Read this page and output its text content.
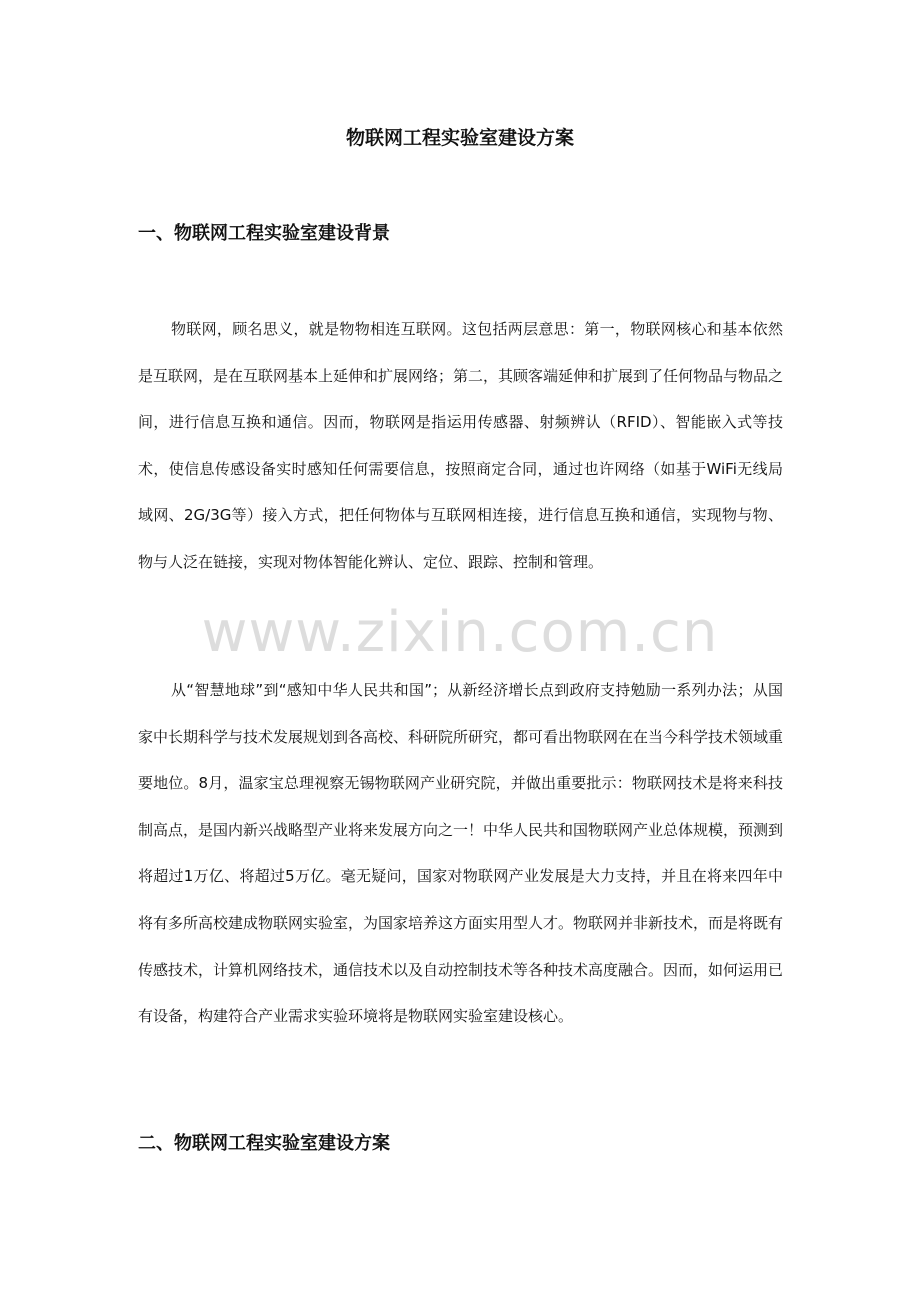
物联网工程实验室建设方案
一、物联网工程实验室建设背景

物联网，顾名思义，就是物物相连互联网。这包括两层意思：第一，物联网核心和基本依然是互联网，是在互联网基本上延伸和扩展网络；第二，其顾客端延伸和扩展到了任何物品与物品之间，进行信息互换和通信。因而，物联网是指运用传感器、射频辨认（RFID）、智能嵌入式等技术，使信息传感设备实时感知任何需要信息，按照商定合同，通过也许网络（如基于WiFi无线局域网、2G/3G等）接入方式，把任何物体与互联网相连接，进行信息互换和通信，实现物与物、物与人泛在链接，实现对物体智能化辨认、定位、跟踪、控制和管理。

从“智慧地球”到“感知中华人民共和国”；从新经济增长点到政府支持勉励一系列办法；从国家中长期科学与技术发展规划到各高校、科研院所研究，都可看出物联网在在当今科学技术领域重要地位。8月，温家宝总理视察无锡物联网产业研究院，并做出重要批示：物联网技术是将来科技制高点，是国内新兴战略型产业将来发展方向之一！中华人民共和国物联网产业总体规模，预测到将超过1万亿、将超过5万亿。毫无疑问，国家对物联网产业发展是大力支持，并且在将来四年中将有多所高校建成物联网实验室，为国家培养这方面实用型人才。物联网并非新技术，而是将既有传感技术，计算机网络技术，通信技术以及自动控制技术等各种技术高度融合。因而，如何运用已有设备，构建符合产业需求实验环境将是物联网实验室建设核心。

二、物联网工程实验室建设方案
www.zixin.com.cn
